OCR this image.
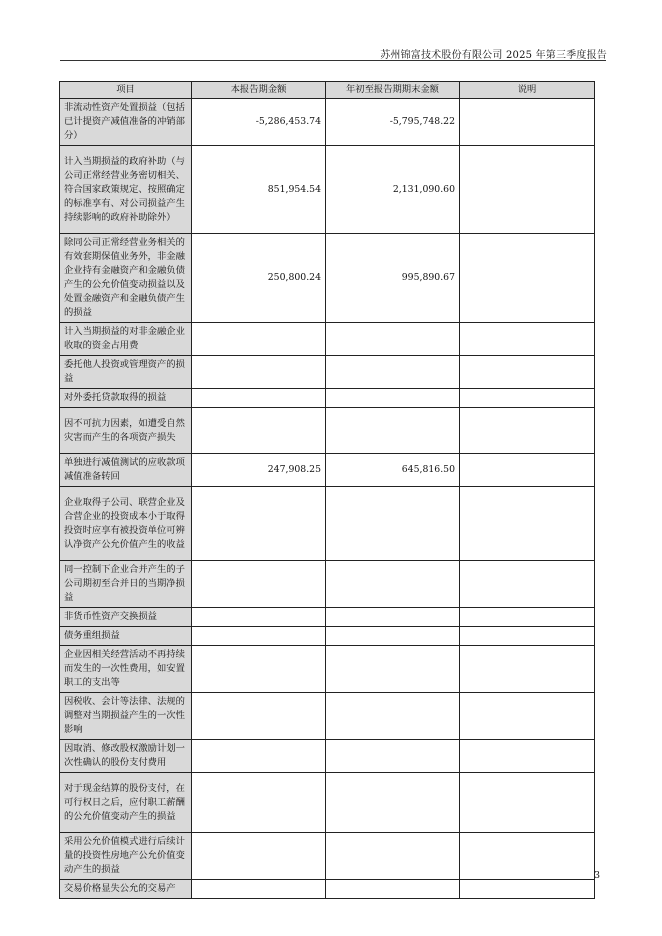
苏州锦富技术股份有限公司 2025 年第三季度报告
项目	本报告期金额	年初至报告期期末金额	说明
非流动性资产处置损益（包括已计提资产减值准备的冲销部分）	-5,286,453.74	-5,795,748.22	
计入当期损益的政府补助（与公司正常经营业务密切相关、符合国家政策规定、按照确定的标准享有、对公司损益产生持续影响的政府补助除外）	851,954.54	2,131,090.60	
除同公司正常经营业务相关的有效套期保值业务外，非金融企业持有金融资产和金融负债产生的公允价值变动损益以及处置金融资产和金融负债产生的损益	250,800.24	995,890.67	
计入当期损益的对非金融企业收取的资金占用费			
委托他人投资或管理资产的损益			
对外委托贷款取得的损益			
因不可抗力因素，如遭受自然灾害而产生的各项资产损失			
单独进行减值测试的应收款项减值准备转回	247,908.25	645,816.50	
企业取得子公司、联营企业及合营企业的投资成本小于取得投资时应享有被投资单位可辨认净资产公允价值产生的收益			
同一控制下企业合并产生的子公司期初至合并日的当期净损益			
非货币性资产交换损益			
债务重组损益			
企业因相关经营活动不再持续而发生的一次性费用，如安置职工的支出等			
因税收、会计等法律、法规的调整对当期损益产生的一次性影响			
因取消、修改股权激励计划一次性确认的股份支付费用			
对于现金结算的股份支付，在可行权日之后，应付职工薪酬的公允价值变动产生的损益			
采用公允价值模式进行后续计量的投资性房地产公允价值变动产生的损益			
交易价格显失公允的交易产			
3
